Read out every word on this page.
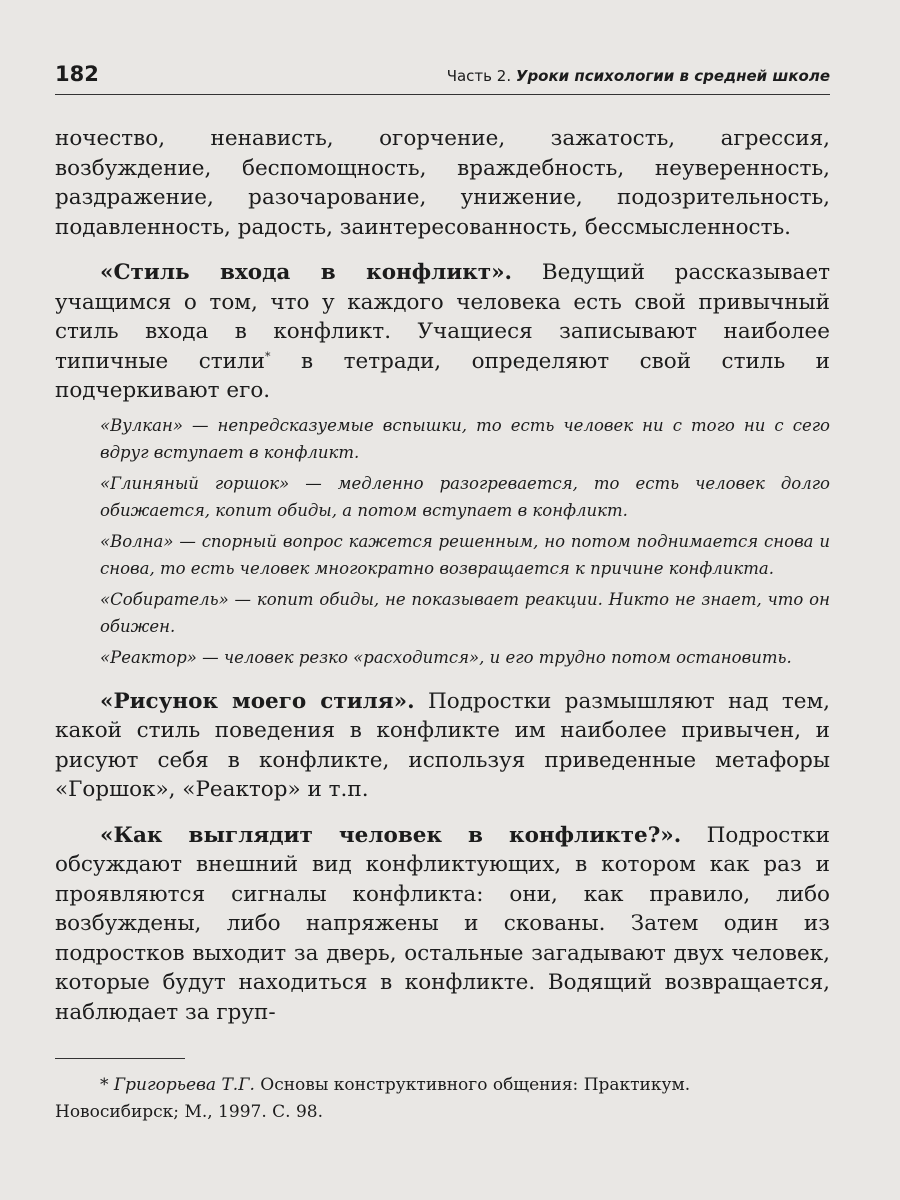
182	Часть 2. Уроки психологии в средней школе

ночество, ненависть, огорчение, зажатость, агрессия, возбуждение, беспомощность, враждебность, неуверенность, раздражение, разочарование, унижение, подозрительность, подавленность, радость, заинтересованность, бессмысленность.

«Стиль входа в конфликт». Ведущий рассказывает учащимся о том, что у каждого человека есть свой привычный стиль входа в конфликт. Учащиеся записывают наиболее типичные стили* в тетради, определяют свой стиль и подчеркивают его.

«Вулкан» — непредсказуемые вспышки, то есть человек ни с того ни с сего вдруг вступает в конфликт.

«Глиняный горшок» — медленно разогревается, то есть человек долго обижается, копит обиды, а потом вступает в конфликт.

«Волна» — спорный вопрос кажется решенным, но потом поднимается снова и снова, то есть человек многократно возвращается к причине конфликта.

«Собиратель» — копит обиды, не показывает реакции. Никто не знает, что он обижен.

«Реактор» — человек резко «расходится», и его трудно потом остановить.

«Рисунок моего стиля». Подростки размышляют над тем, какой стиль поведения в конфликте им наиболее привычен, и рисуют себя в конфликте, используя приведенные метафоры «Горшок», «Реактор» и т.п.

«Как выглядит человек в конфликте?». Подростки обсуждают внешний вид конфликтующих, в котором как раз и проявляются сигналы конфликта: они, как правило, либо возбуждены, либо напряжены и скованы. Затем один из подростков выходит за дверь, остальные загадывают двух человек, которые будут находиться в конфликте. Водящий возвращается, наблюдает за груп-

* Григорьева Т.Г. Основы конструктивного общения: Практикум.
Новосибирск; М., 1997. С. 98.
